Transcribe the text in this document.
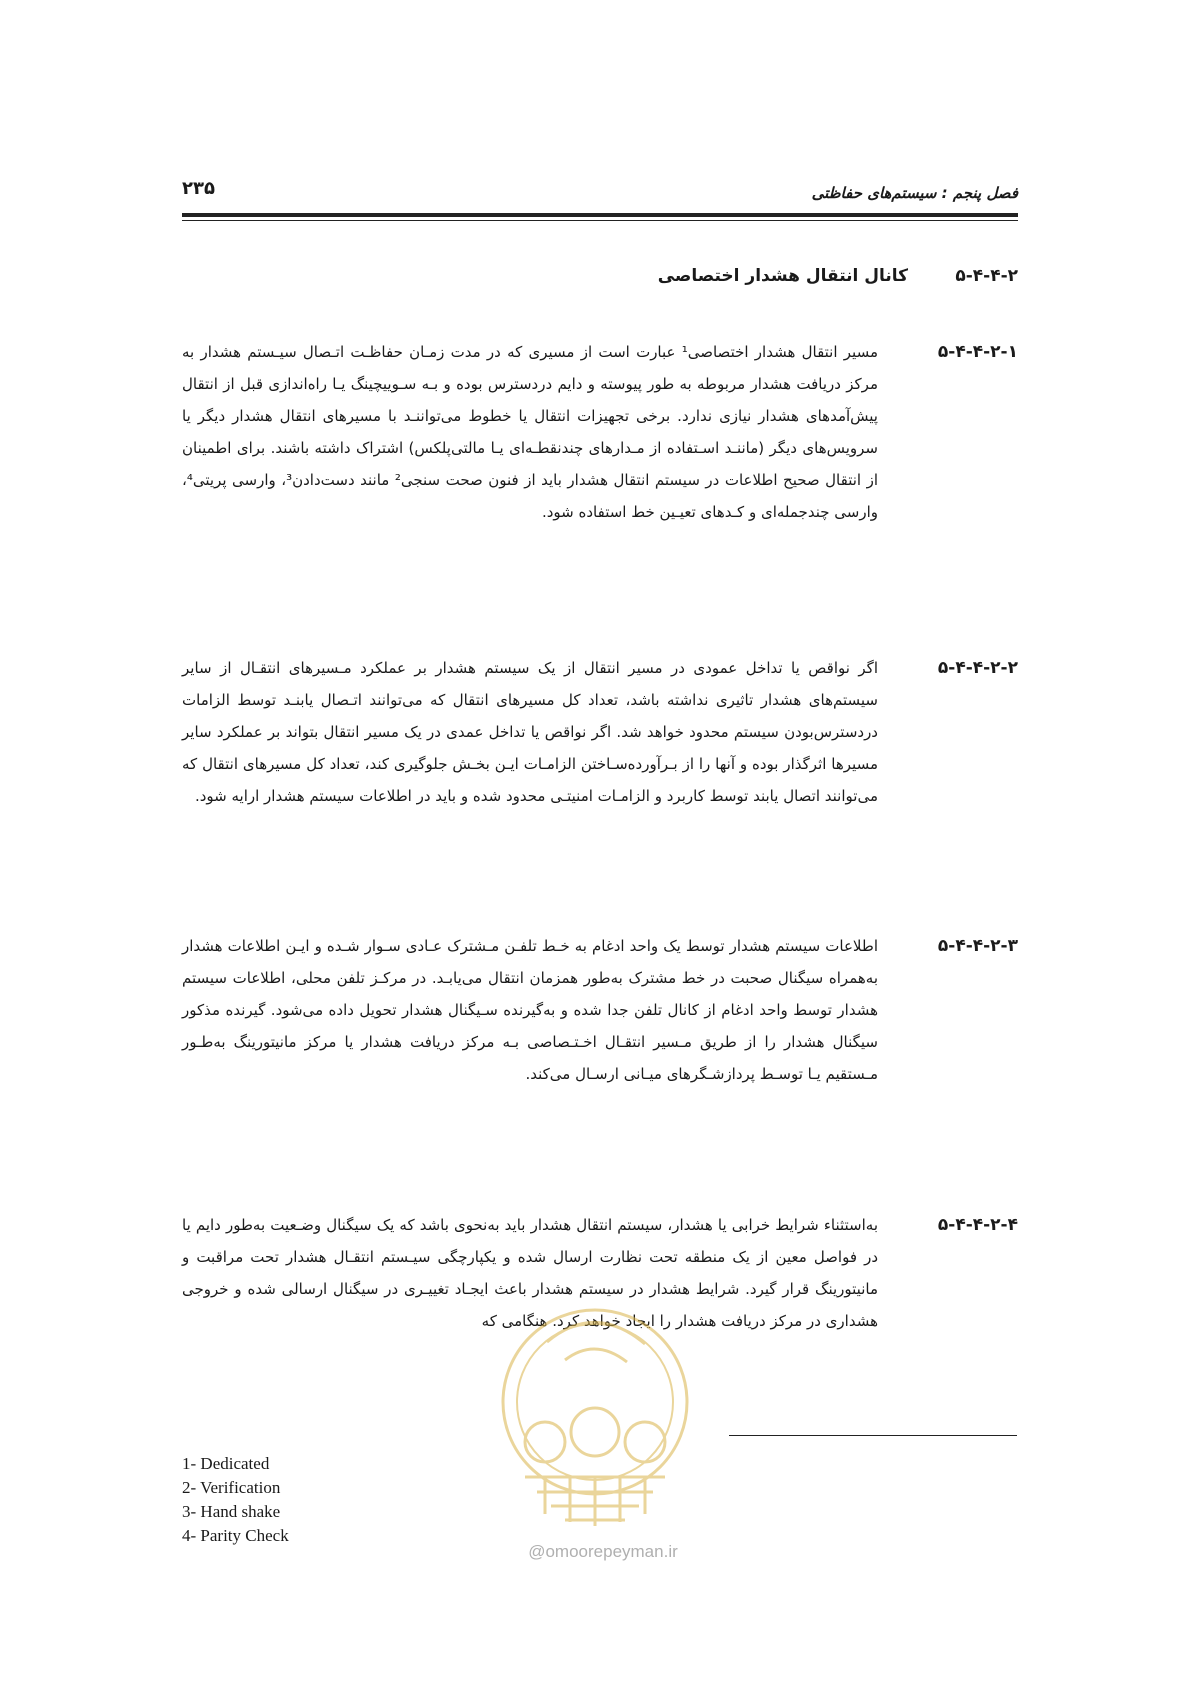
۲۳۵	فصل پنجم : سیستم‌های حفاظتی
۵-۴-۴-۲ کانال انتقال هشدار اختصاصی
۵-۴-۴-۲-۱
مسیر انتقال هشدار اختصاصی¹ عبارت است از مسیری که در مدت زمـان حفاظـت اتـصال سیـستم هشدار به مرکز دریافت هشدار مربوطه به طور پیوسته و دایم دردسترس بوده و بـه سـوییچینگ یـا راه‌اندازی قبل از انتقال پیش‌آمدهای هشدار نیازی ندارد. برخی تجهیزات انتقال یا خطوط می‌تواننـد با مسیرهای انتقال هشدار دیگر یا سرویس‌های دیگر (ماننـد اسـتفاده از مـدارهای چندنقطـه‌ای یـا مالتی‌پلکس) اشتراک داشته باشند. برای اطمینان از انتقال صحیح اطلاعات در سیستم انتقال هشدار باید از فنون صحت سنجی² مانند دست‌دادن³، وارسی پریتی⁴، وارسی چندجمله‌ای و کـدهای تعیـین خط استفاده شود.
۵-۴-۴-۲-۲
اگر نواقص یا تداخل عمودی در مسیر انتقال از یک سیستم هشدار بر عملکرد مـسیرهای انتقـال از سایر سیستم‌های هشدار تاثیری نداشته باشد، تعداد کل مسیرهای انتقال که می‌توانند اتـصال یابنـد توسط الزامات دردسترس‌بودن سیستم محدود خواهد شد. اگر نواقص یا تداخل عمدی در یک مسیر انتقال بتواند بر عملکرد سایر مسیرها اثرگذار بوده و آنها را از بـرآورده‌سـاختن الزامـات ایـن بخـش جلوگیری کند، تعداد کل مسیرهای انتقال که می‌توانند اتصال یابند توسط کاربرد و الزامـات امنیتـی محدود شده و باید در اطلاعات سیستم هشدار ارایه شود.
۵-۴-۴-۲-۳
اطلاعات سیستم هشدار توسط یک واحد ادغام به خـط تلفـن مـشترک عـادی سـوار شـده و ایـن اطلاعات هشدار به‌همراه سیگنال صحبت در خط مشترک به‌طور همزمان انتقال می‌یابـد. در مرکـز تلفن محلی، اطلاعات سیستم هشدار توسط واحد ادغام از کانال تلفن جدا شده و به‌گیرنده سـیگنال هشدار تحویل داده می‌شود. گیرنده مذکور سیگنال هشدار را از طریق مـسیر انتقـال اخـتـصاصی بـه مرکز دریافت هشدار یا مرکز مانیتورینگ به‌طـور مـستقیم یـا توسـط پردازشـگرهای میـانی ارسـال می‌کند.
۵-۴-۴-۲-۴
به‌استثناء شرایط خرابی یا هشدار، سیستم انتقال هشدار باید به‌نحوی باشد که یک سیگنال وضـعیت به‌طور دایم یا در فواصل معین از یک منطقه تحت نظارت ارسال شده و یکپارچگی سیـستم انتقـال هشدار تحت مراقبت و مانیتورینگ قرار گیرد. شرایط هشدار در سیستم هشدار باعث ایجـاد تغییـری در سیگنال ارسالی شده و خروجی هشداری در مرکز دریافت هشدار را ایجاد خواهد کرد. هنگامی که
1- Dedicated
2- Verification
3- Hand shake
4- Parity Check
@omoorepeyman.ir
